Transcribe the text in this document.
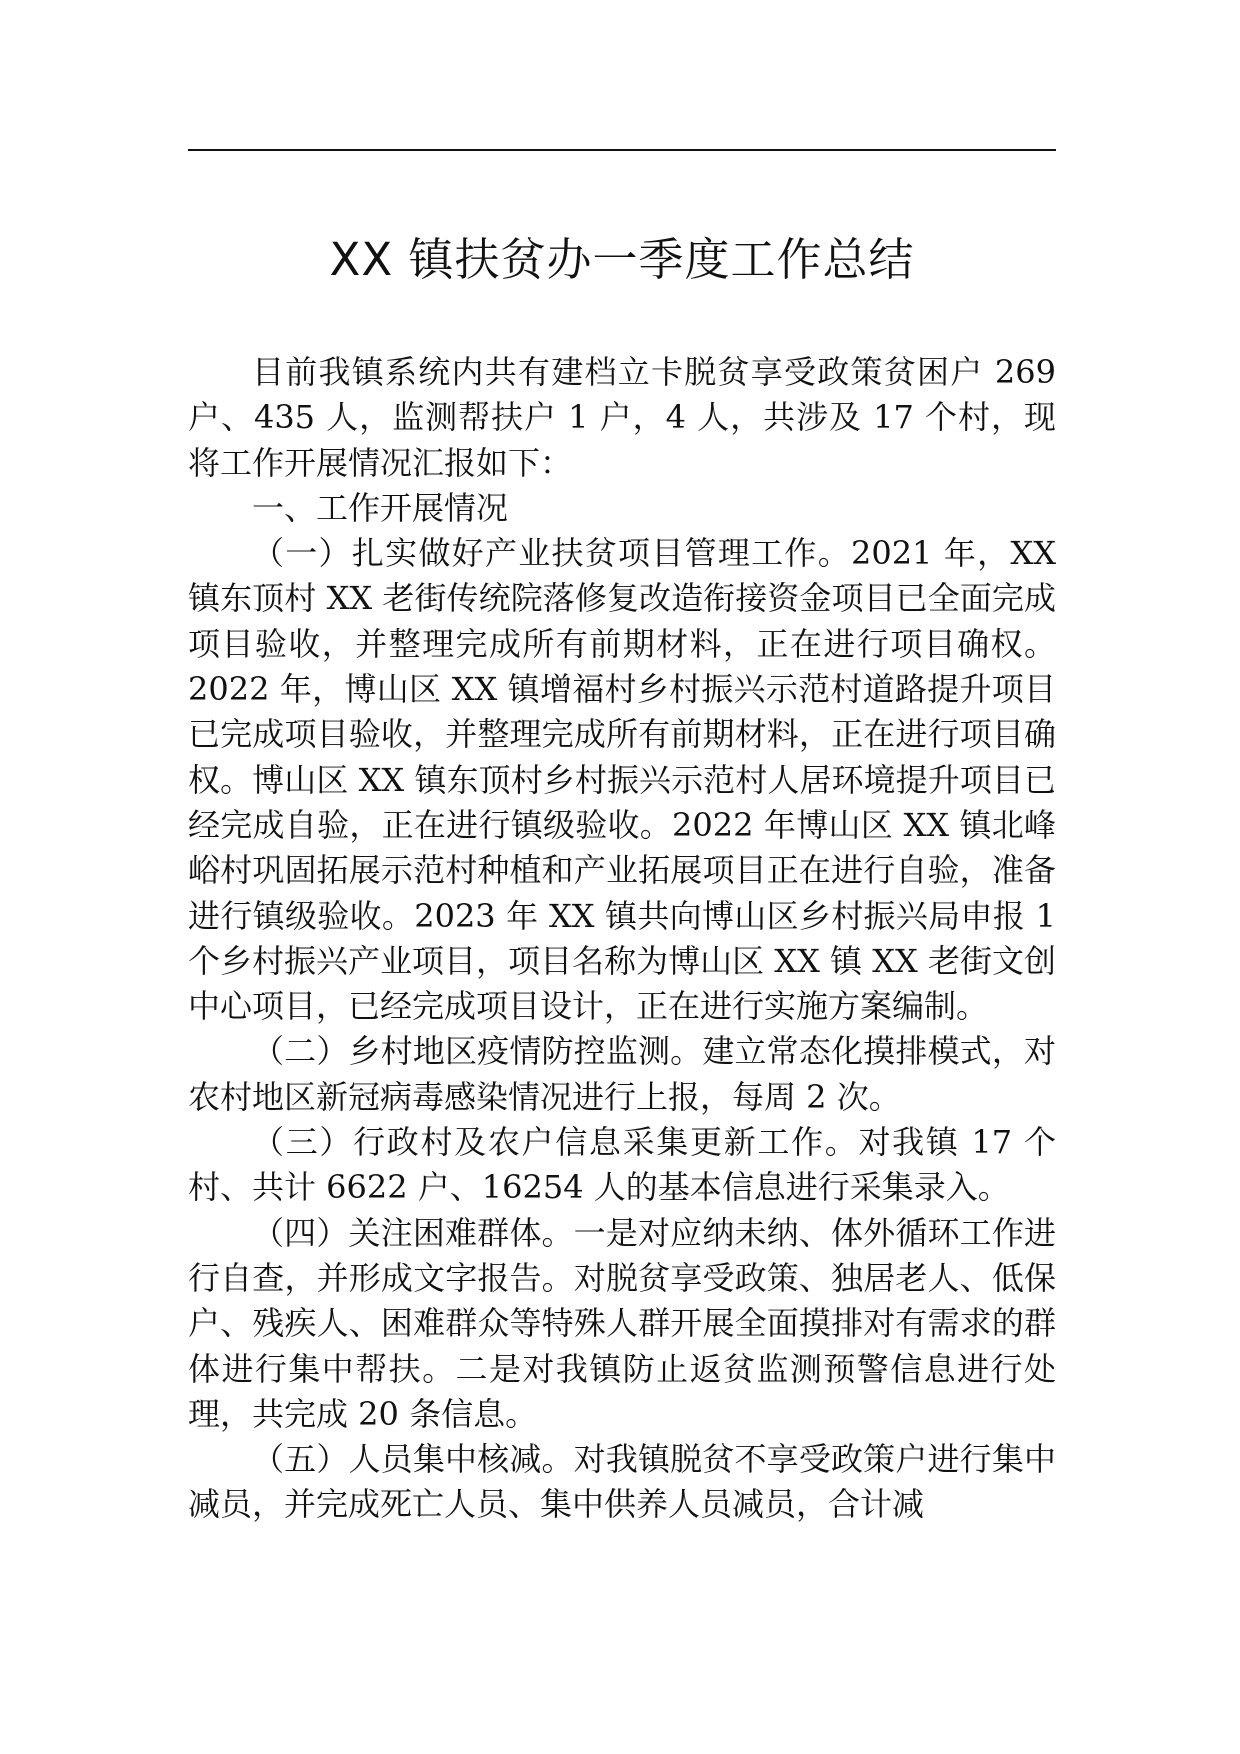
XX 镇扶贫办一季度工作总结

目前我镇系统内共有建档立卡脱贫享受政策贫困户 269 户、435 人，监测帮扶户 1 户，4 人，共涉及 17 个村，现将工作开展情况汇报如下：

一、工作开展情况

（一）扎实做好产业扶贫项目管理工作。2021 年，XX 镇东顶村 XX 老街传统院落修复改造衔接资金项目已全面完成项目验收，并整理完成所有前期材料，正在进行项目确权。2022 年，博山区 XX 镇增福村乡村振兴示范村道路提升项目已完成项目验收，并整理完成所有前期材料，正在进行项目确权。博山区 XX 镇东顶村乡村振兴示范村人居环境提升项目已经完成自验，正在进行镇级验收。2022 年博山区 XX 镇北峰峪村巩固拓展示范村种植和产业拓展项目正在进行自验，准备进行镇级验收。2023 年 XX 镇共向博山区乡村振兴局申报 1 个乡村振兴产业项目，项目名称为博山区 XX 镇 XX 老街文创中心项目，已经完成项目设计，正在进行实施方案编制。

（二）乡村地区疫情防控监测。建立常态化摸排模式，对农村地区新冠病毒感染情况进行上报，每周 2 次。

（三）行政村及农户信息采集更新工作。对我镇 17 个村、共计 6622 户、16254 人的基本信息进行采集录入。

（四）关注困难群体。一是对应纳未纳、体外循环工作进行自查，并形成文字报告。对脱贫享受政策、独居老人、低保户、残疾人、困难群众等特殊人群开展全面摸排对有需求的群体进行集中帮扶。二是对我镇防止返贫监测预警信息进行处理，共完成 20 条信息。

（五）人员集中核减。对我镇脱贫不享受政策户进行集中减员，并完成死亡人员、集中供养人员减员，合计减
